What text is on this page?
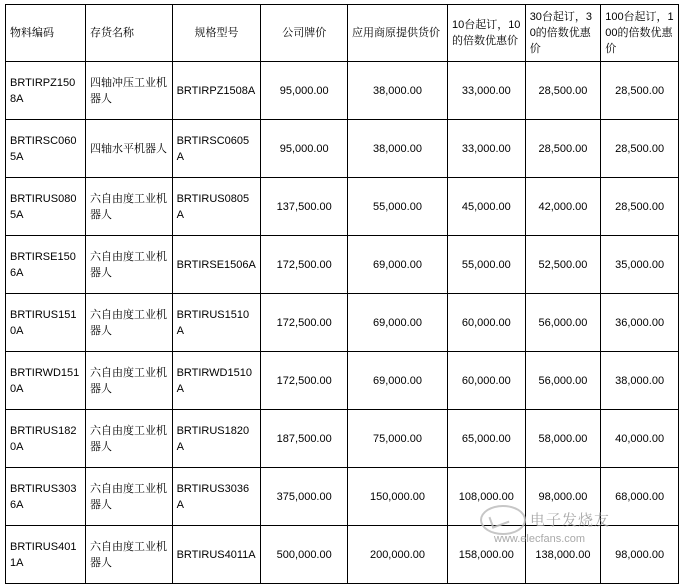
物料编码	存货名称	规格型号	公司牌价	应用商原提供货价	10台起订，10的倍数优惠价	30台起订，30的倍数优惠价	100台起订，100的倍数优惠价
BRTIRPZ1508A	四轴冲压工业机器人	BRTIRPZ1508A	95,000.00	38,000.00	33,000.00	28,500.00	28,500.00
BRTIRSC0605A	四轴水平机器人	BRTIRSC0605A	95,000.00	38,000.00	33,000.00	28,500.00	28,500.00
BRTIRUS0805A	六自由度工业机器人	BRTIRUS0805A	137,500.00	55,000.00	45,000.00	42,000.00	28,500.00
BRTIRSE1506A	六自由度工业机器人	BRTIRSE1506A	172,500.00	69,000.00	55,000.00	52,500.00	35,000.00
BRTIRUS1510A	六自由度工业机器人	BRTIRUS1510A	172,500.00	69,000.00	60,000.00	56,000.00	36,000.00
BRTIRWD1510A	六自由度工业机器人	BRTIRWD1510A	172,500.00	69,000.00	60,000.00	56,000.00	38,000.00
BRTIRUS1820A	六自由度工业机器人	BRTIRUS1820A	187,500.00	75,000.00	65,000.00	58,000.00	40,000.00
BRTIRUS3036A	六自由度工业机器人	BRTIRUS3036A	375,000.00	150,000.00	108,000.00	98,000.00	68,000.00
BRTIRUS4011A	六自由度工业机器人	BRTIRUS4011A	500,000.00	200,000.00	158,000.00	138,000.00	98,000.00
电子发烧友
www.elecfans.com
